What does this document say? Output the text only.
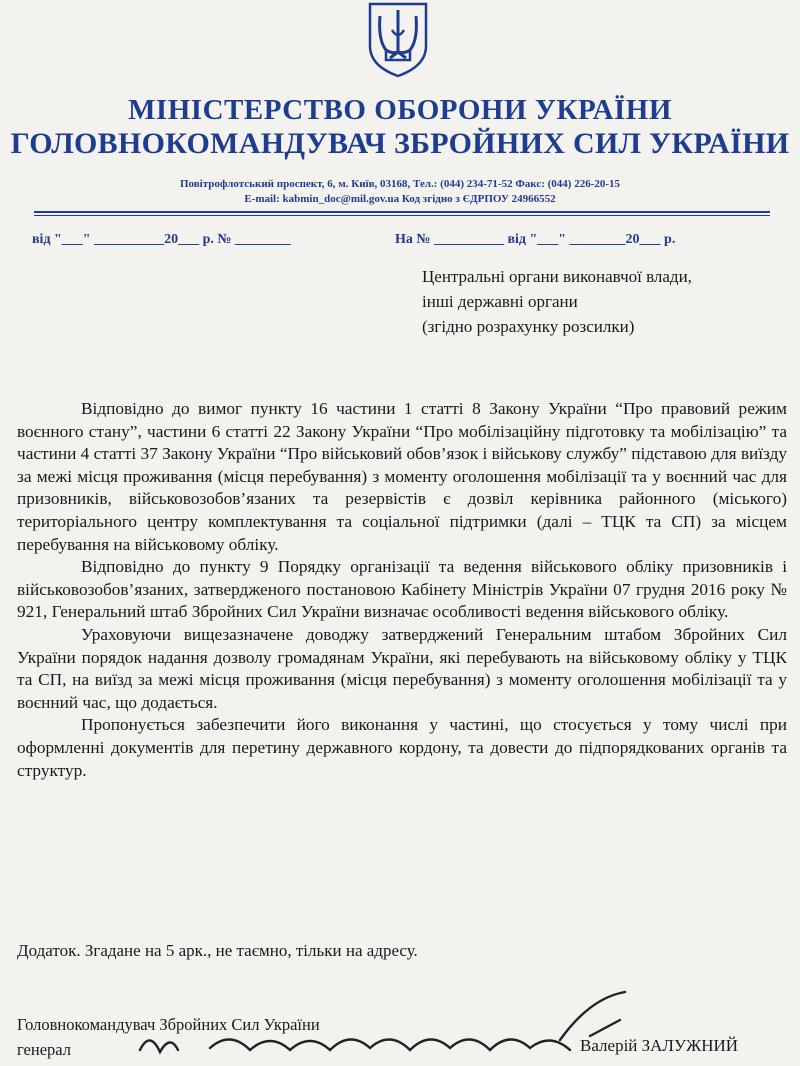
МІНІСТЕРСТВО ОБОРОНИ УКРАЇНИ
ГОЛОВНОКОМАНДУВАЧ ЗБРОЙНИХ СИЛ УКРАЇНИ
Повітрофлотський проспект, 6, м. Київ, 03168, Тел.: (044) 234-71-52 Факс: (044) 226-20-15
E-mail: kabmin_doc@mil.gov.ua Код згідно з ЄДРПОУ 24966552
від "___" __________20___ р. № ________	На № __________ від "___" ________20___ р.
Центральні органи виконавчої влади,
інші державні органи
(згідно розрахунку розсилки)

Відповідно до вимог пункту 16 частини 1 статті 8 Закону України “Про правовий режим воєнного стану”, частини 6 статті 22 Закону України “Про мобілізаційну підготовку та мобілізацію” та частини 4 статті 37 Закону України “Про військовий обов’язок і військову службу” підставою для виїзду за межі місця проживання (місця перебування) з моменту оголошення мобілізації та у воєнний час для призовників, військовозобов’язаних та резервістів є дозвіл керівника районного (міського) територіального центру комплектування та соціальної підтримки (далі – ТЦК та СП) за місцем перебування на військовому обліку.

Відповідно до пункту 9 Порядку організації та ведення військового обліку призовників і військовозобов’язаних, затвердженого постановою Кабінету Міністрів України 07 грудня 2016 року № 921, Генеральний штаб Збройних Сил України визначає особливості ведення військового обліку.

Ураховуючи вищезазначене доводжу затверджений Генеральним штабом Збройних Сил України порядок надання дозволу громадянам України, які перебувають на військовому обліку у ТЦК та СП, на виїзд за межі місця проживання (місця перебування) з моменту оголошення мобілізації та у воєнний час, що додається.

Пропонується забезпечити його виконання у частині, що стосується у тому числі при оформленні документів для перетину державного кордону, та довести до підпорядкованих органів та структур.

Додаток. Згадане на 5 арк., не таємно, тільки на адресу.
Головнокомандувач Збройних Сил України
генерал	Валерій ЗАЛУЖНИЙ
